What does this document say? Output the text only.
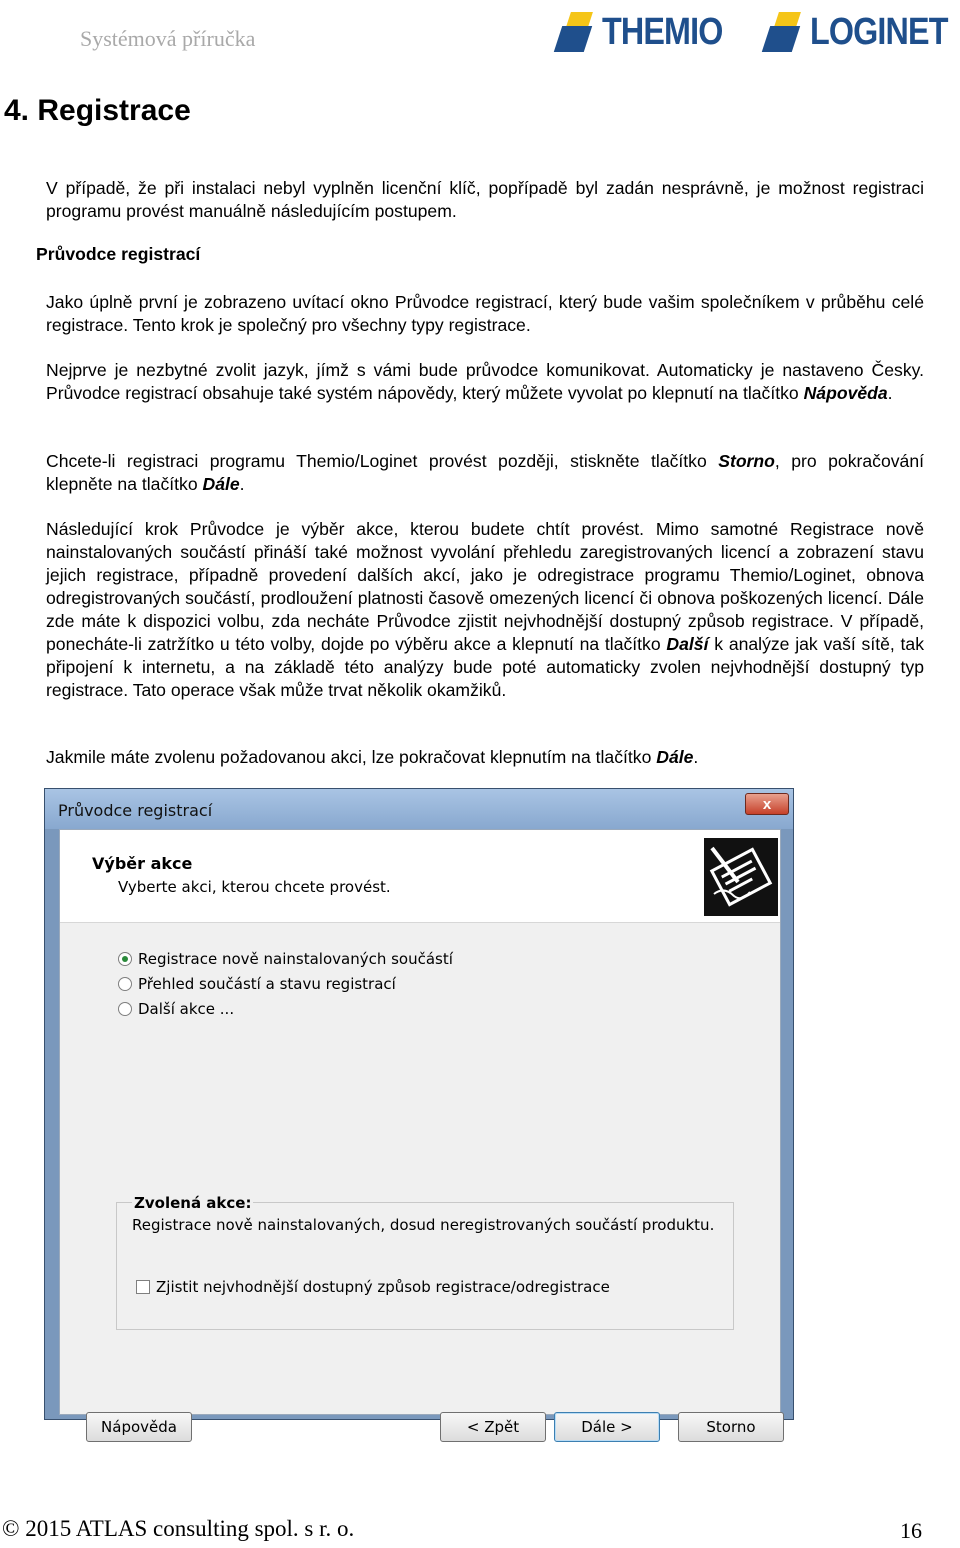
Systémová příručka	THEMIO LOGINET
4. Registrace

V případě, že při instalaci nebyl vyplněn licenční klíč, popřípadě byl zadán nesprávně, je možnost registraci programu provést manuálně následujícím postupem.

Průvodce registrací

Jako úplně první je zobrazeno uvítací okno Průvodce registrací, který bude vašim společníkem v průběhu celé registrace. Tento krok je společný pro všechny typy registrace.

Nejprve je nezbytné zvolit jazyk, jímž s vámi bude průvodce komunikovat. Automaticky je nastaveno Česky. Průvodce registrací obsahuje také systém nápovědy, který můžete vyvolat po klepnutí na tlačítko Nápověda.

Chcete-li registraci programu Themio/Loginet provést později, stiskněte tlačítko Storno, pro pokračování klepněte na tlačítko Dále.

Následující krok Průvodce je výběr akce, kterou budete chtít provést. Mimo samotné Registrace nově nainstalovaných součástí přináší také možnost vyvolání přehledu zaregistrovaných licencí a zobrazení stavu jejich registrace, případně provedení dalších akcí, jako je odregistrace programu Themio/Loginet, obnova odregistrovaných součástí, prodloužení platnosti časově omezených licencí či obnova poškozených licencí. Dále zde máte k dispozici volbu, zda necháte Průvodce zjistit nejvhodnější dostupný způsob registrace. V případě, ponecháte-li zatržítko u této volby, dojde po výběru akce a klepnutí na tlačítko Další k analýze jak vaší sítě, tak připojení k internetu, a na základě této analýzy bude poté automaticky zvolen nejvhodnější dostupný typ registrace. Tato operace však může trvat několik okamžiků.

Jakmile máte zvolenu požadovanou akci, lze pokračovat klepnutím na tlačítko Dále.

Průvodce registrací	x
Výběr akce
Vyberte akci, kterou chcete provést.
Registrace nově nainstalovaných součástí
Přehled součástí a stavu registrací
Další akce ...
Zvolená akce:
Registrace nově nainstalovaných, dosud neregistrovaných součástí produktu.
Zjistit nejvhodnější dostupný způsob registrace/odregistrace
Nápověda	< Zpět	Dále >	Storno
© 2015 ATLAS consulting spol. s r. o.	16
